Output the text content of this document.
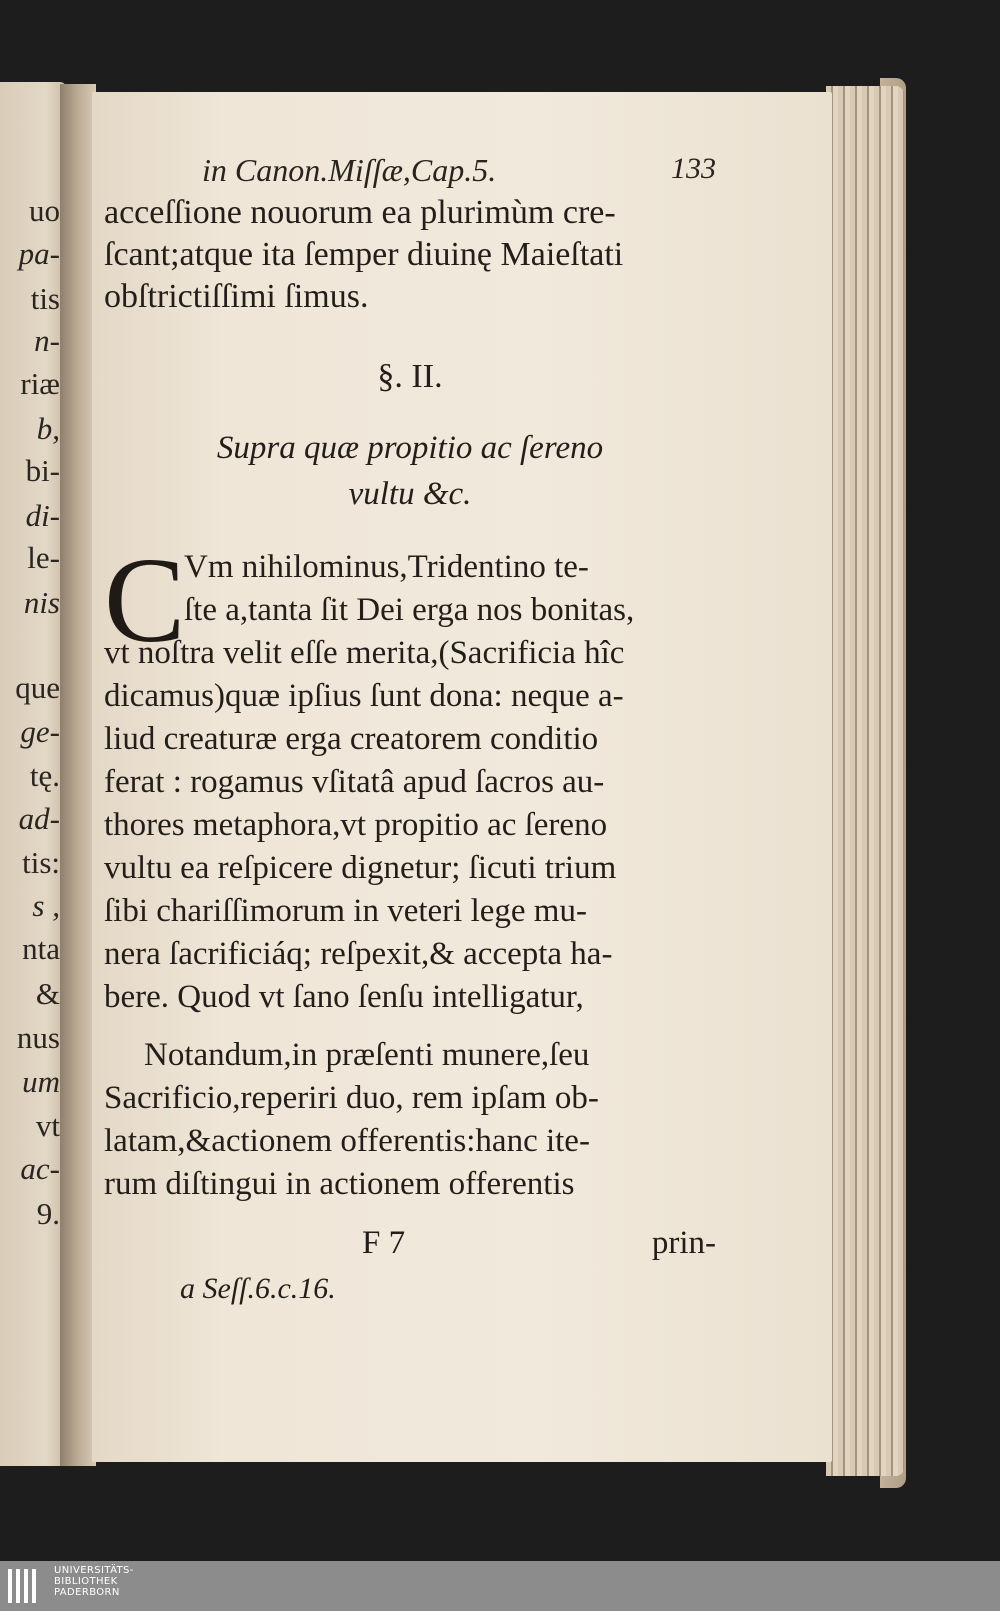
uo
pa-
tis
n-
riæ
b,
bi-
di-
le-
nis
que
ge-
tę.
ad-
tis:
s ,
nta
&
nus
um
vt
ac-
9.
in Canon.Miſſæ,Cap.5.	133
acceſſione nouorum ea plurimùm cre-
ſcant;atque ita ſemper diuinę Maieſtati
obſtrictiſſimi ſimus.
§. II.
Supra quæ propitio ac ſereno
vultu &c.
C
Vm nihilominus,Tridentino te-
ſte a,tanta ſit Dei erga nos bonitas,
vt noſtra velit eſſe merita,(Sacrificia hîc
dicamus)quæ ipſius ſunt dona: neque a-
liud creaturæ erga creatorem conditio
ferat : rogamus vſitatâ apud ſacros au-
thores metaphora,vt propitio ac ſereno
vultu ea reſpicere dignetur; ſicuti trium
ſibi chariſſimorum in veteri lege mu-
nera ſacrificiáq; reſpexit,& accepta ha-
bere. Quod vt ſano ſenſu intelligatur,
Notandum,in præſenti munere,ſeu
Sacrificio,reperiri duo, rem ipſam ob-
latam,&actionem offerentis:hanc ite-
rum diſtingui in actionem offerentis
F 7	prin-
a Seſſ.6.c.16.
UNIVERSITÄTS-
BIBLIOTHEK
PADERBORN
